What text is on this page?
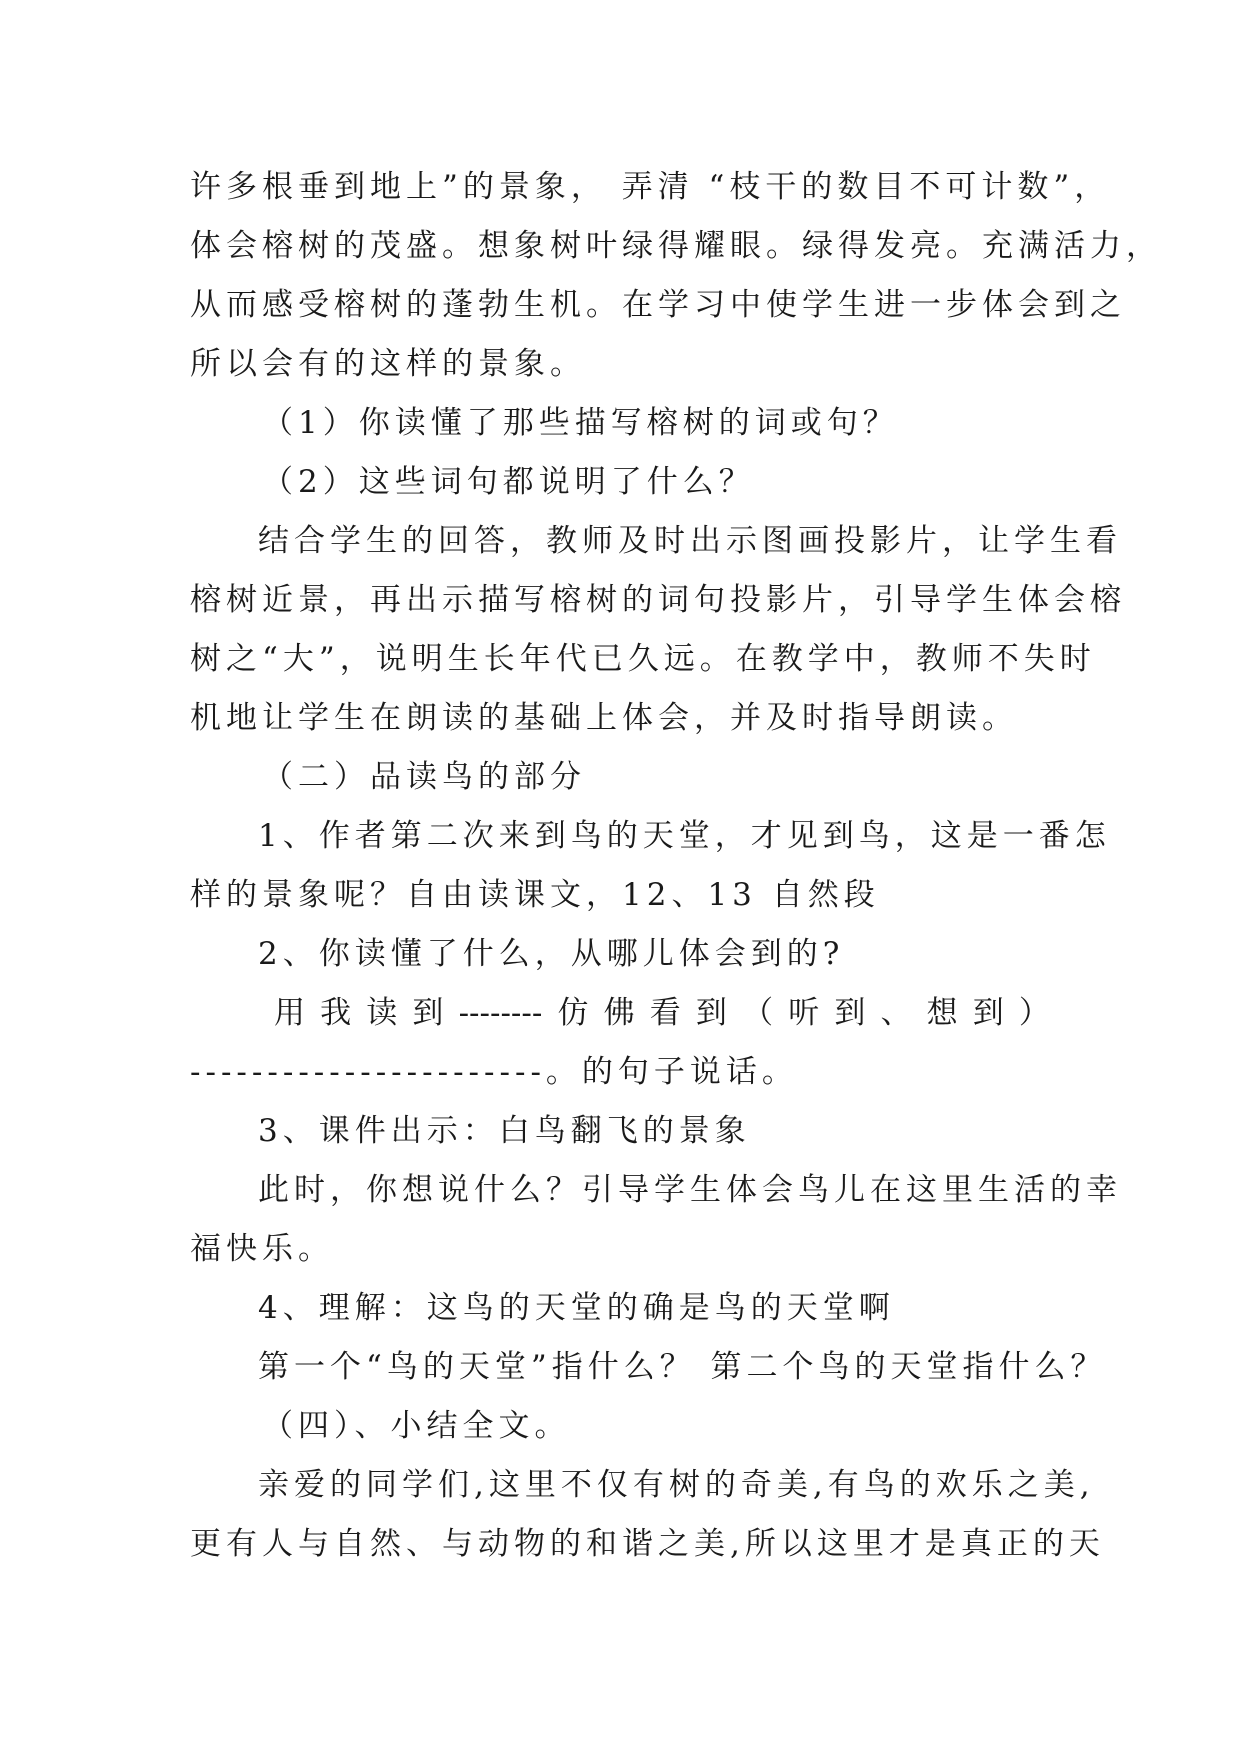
许多根垂到地上”的景象， 弄清 “枝干的数目不可计数”，
体会榕树的茂盛。想象树叶绿得耀眼。绿得发亮。充满活力，
从而感受榕树的蓬勃生机。在学习中使学生进一步体会到之
所以会有的这样的景象。
（1）你读懂了那些描写榕树的词或句？
（2）这些词句都说明了什么？
结合学生的回答，教师及时出示图画投影片，让学生看
榕树近景，再出示描写榕树的词句投影片，引导学生体会榕
树之“大”，说明生长年代已久远。在教学中，教师不失时
机地让学生在朗读的基础上体会，并及时指导朗读。
（二）品读鸟的部分
1、作者第二次来到鸟的天堂，才见到鸟，这是一番怎
样的景象呢？自由读课文，12、13 自然段
2、你读懂了什么，从哪儿体会到的?
用 我 读 到 -------- 仿 佛 看 到 （ 听 到 、 想 到 ）
-----------------------。的句子说话。
3、课件出示：白鸟翻飞的景象
此时，你想说什么？引导学生体会鸟儿在这里生活的幸
福快乐。
4、理解：这鸟的天堂的确是鸟的天堂啊
第一个“鸟的天堂”指什么？ 第二个鸟的天堂指什么？
（四）、小结全文。
亲爱的同学们,这里不仅有树的奇美,有鸟的欢乐之美,
更有人与自然、与动物的和谐之美,所以这里才是真正的天
